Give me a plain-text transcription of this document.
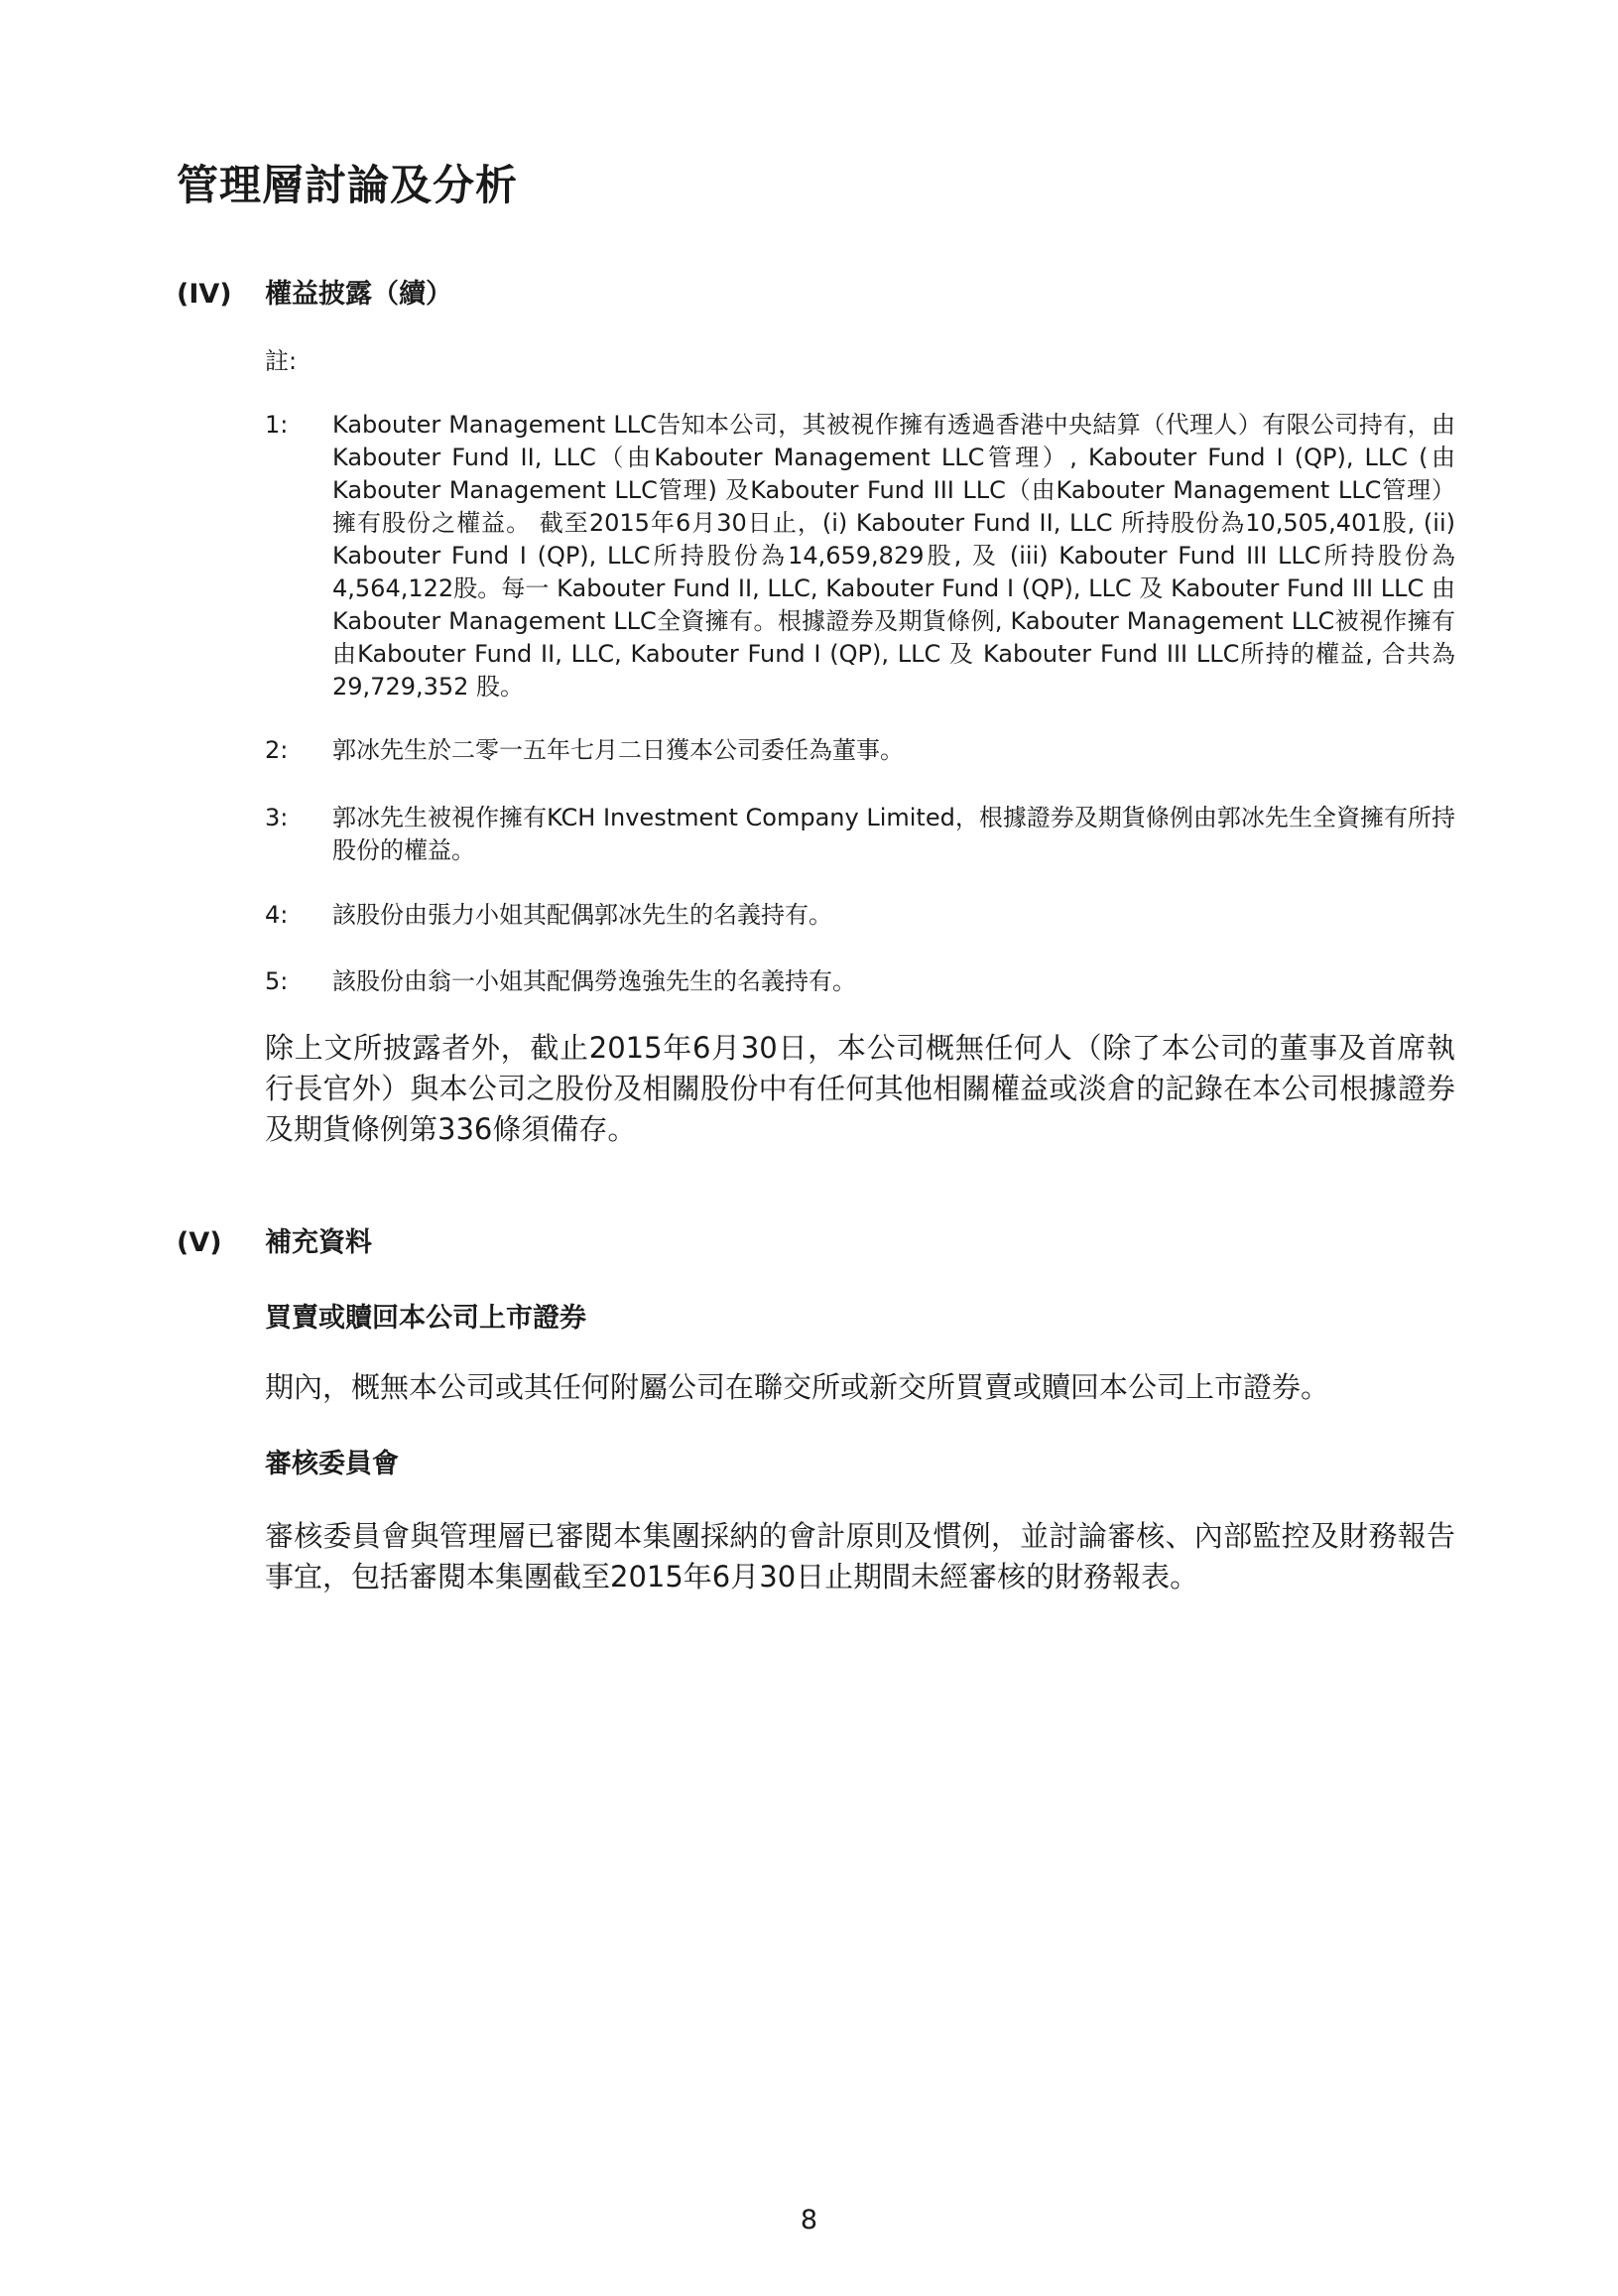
管理層討論及分析
(IV)	權益披露（續）
註:
1:	Kabouter Management LLC告知本公司，其被視作擁有透過香港中央結算（代理人）有限公司持有，由Kabouter Fund II, LLC（由Kabouter Management LLC管理）, Kabouter Fund I (QP), LLC (由Kabouter Management LLC管理) 及Kabouter Fund III LLC（由Kabouter Management LLC管理）擁有股份之權益。 截至2015年6月30日止，(i) Kabouter Fund II, LLC 所持股份為10,505,401股, (ii) Kabouter Fund I (QP), LLC所持股份為14,659,829股, 及 (iii) Kabouter Fund III LLC所持股份為4,564,122股。每一 Kabouter Fund II, LLC, Kabouter Fund I (QP), LLC 及 Kabouter Fund III LLC 由 Kabouter Management LLC全資擁有。根據證券及期貨條例, Kabouter Management LLC被視作擁有由Kabouter Fund II, LLC, Kabouter Fund I (QP), LLC 及 Kabouter Fund III LLC所持的權益, 合共為 29,729,352 股。
2:	郭冰先生於二零一五年七月二日獲本公司委任為董事。
3:	郭冰先生被視作擁有KCH Investment Company Limited，根據證券及期貨條例由郭冰先生全資擁有所持股份的權益。
4:	該股份由張力小姐其配偶郭冰先生的名義持有。
5:	該股份由翁一小姐其配偶勞逸強先生的名義持有。

除上文所披露者外，截止2015年6月30日，本公司概無任何人（除了本公司的董事及首席執行長官外）與本公司之股份及相關股份中有任何其他相關權益或淡倉的記錄在本公司根據證券及期貨條例第336條須備存。

(V)	補充資料
買賣或贖回本公司上市證券

期內，概無本公司或其任何附屬公司在聯交所或新交所買賣或贖回本公司上市證券。

審核委員會

審核委員會與管理層已審閱本集團採納的會計原則及慣例，並討論審核、內部監控及財務報告事宜，包括審閱本集團截至2015年6月30日止期間未經審核的財務報表。

8
